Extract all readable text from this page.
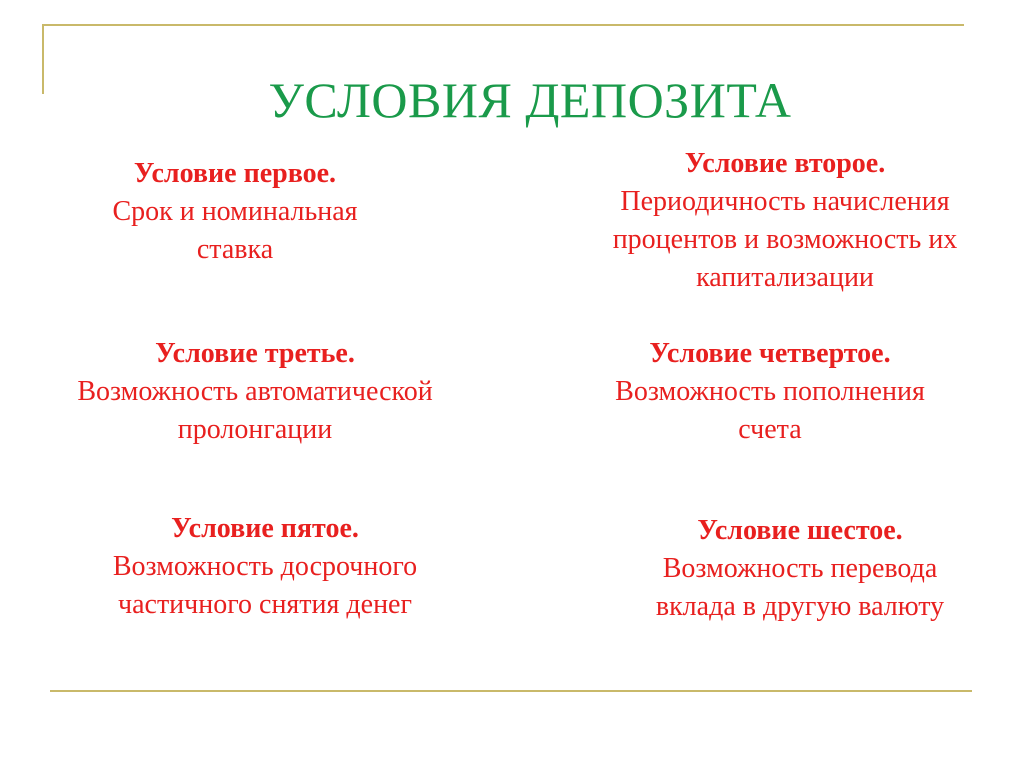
УСЛОВИЯ ДЕПОЗИТА
Условие первое.
Срок и номинальная
ставка
Условие второе.
Периодичность начисления
процентов и возможность их
капитализации
Условие третье.
Возможность автоматической
пролонгации
Условие четвертое.
Возможность пополнения
счета
Условие пятое.
Возможность досрочного
частичного снятия денег
Условие шестое.
Возможность перевода
вклада в другую валюту
